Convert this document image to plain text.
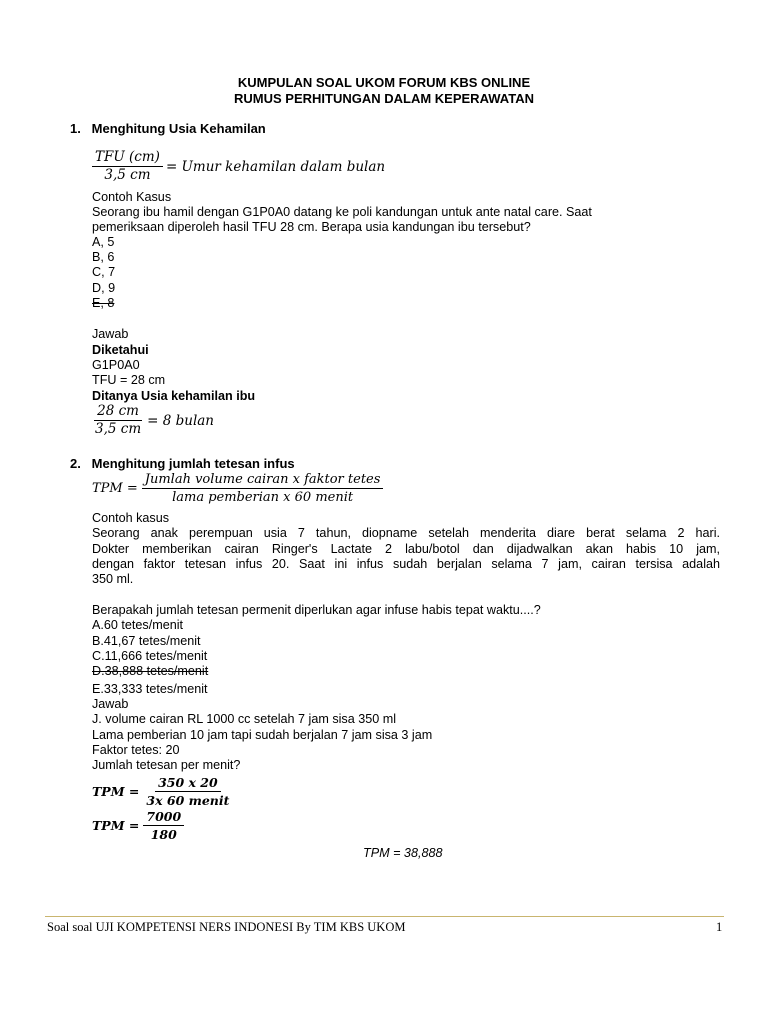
KUMPULAN SOAL UKOM FORUM KBS ONLINE
RUMUS PERHITUNGAN DALAM KEPERAWATAN
1.   Menghitung Usia Kehamilan
TFU (cm)
3,5 cm
= Umur kehamilan dalam bulan
Contoh Kasus
Seorang ibu hamil dengan G1P0A0 datang ke poli kandungan untuk ante natal care. Saat
pemeriksaan diperoleh hasil TFU 28 cm. Berapa usia kandungan ibu tersebut?
A, 5
B, 6
C, 7
D, 9
E, 8
Jawab
Diketahui
G1P0A0
TFU = 28 cm
Ditanya Usia kehamilan ibu
$\frac{28 cm}{3,5 cm} = 8$ bulan
2.   Menghitung jumlah tetesan infus
TPM =
Jumlah volume cairan x faktor tetes
lama pemberian x 60 menit
Contoh kasus
Seorang anak perempuan usia 7 tahun, diopname setelah menderita diare berat selama 2 hari.
Dokter memberikan cairan Ringer's Lactate 2 labu/botol dan dijadwalkan akan habis 10 jam,
dengan faktor tetesan infus 20. Saat ini infus sudah berjalan selama 7 jam, cairan tersisa adalah
350 ml.
Berapakah jumlah tetesan permenit diperlukan agar infuse habis tepat waktu....?
A.60 tetes/menit
B.41,67 tetes/menit
C.11,666 tetes/menit
D.38,888 tetes/menit
E.33,333 tetes/menit
Jawab
J. volume cairan RL 1000 cc setelah 7 jam sisa 350 ml
Lama pemberian 10 jam tapi sudah berjalan 7 jam sisa 3 jam
Faktor tetes: 20
Jumlah tetesan per menit?
TPM =
350 x 20
3x 60 menit
TPM = $\frac{7000}{180}$
TPM = 38,888
Soal soal UJI KOMPETENSI NERS INDONESI By TIM KBS UKOM	1
